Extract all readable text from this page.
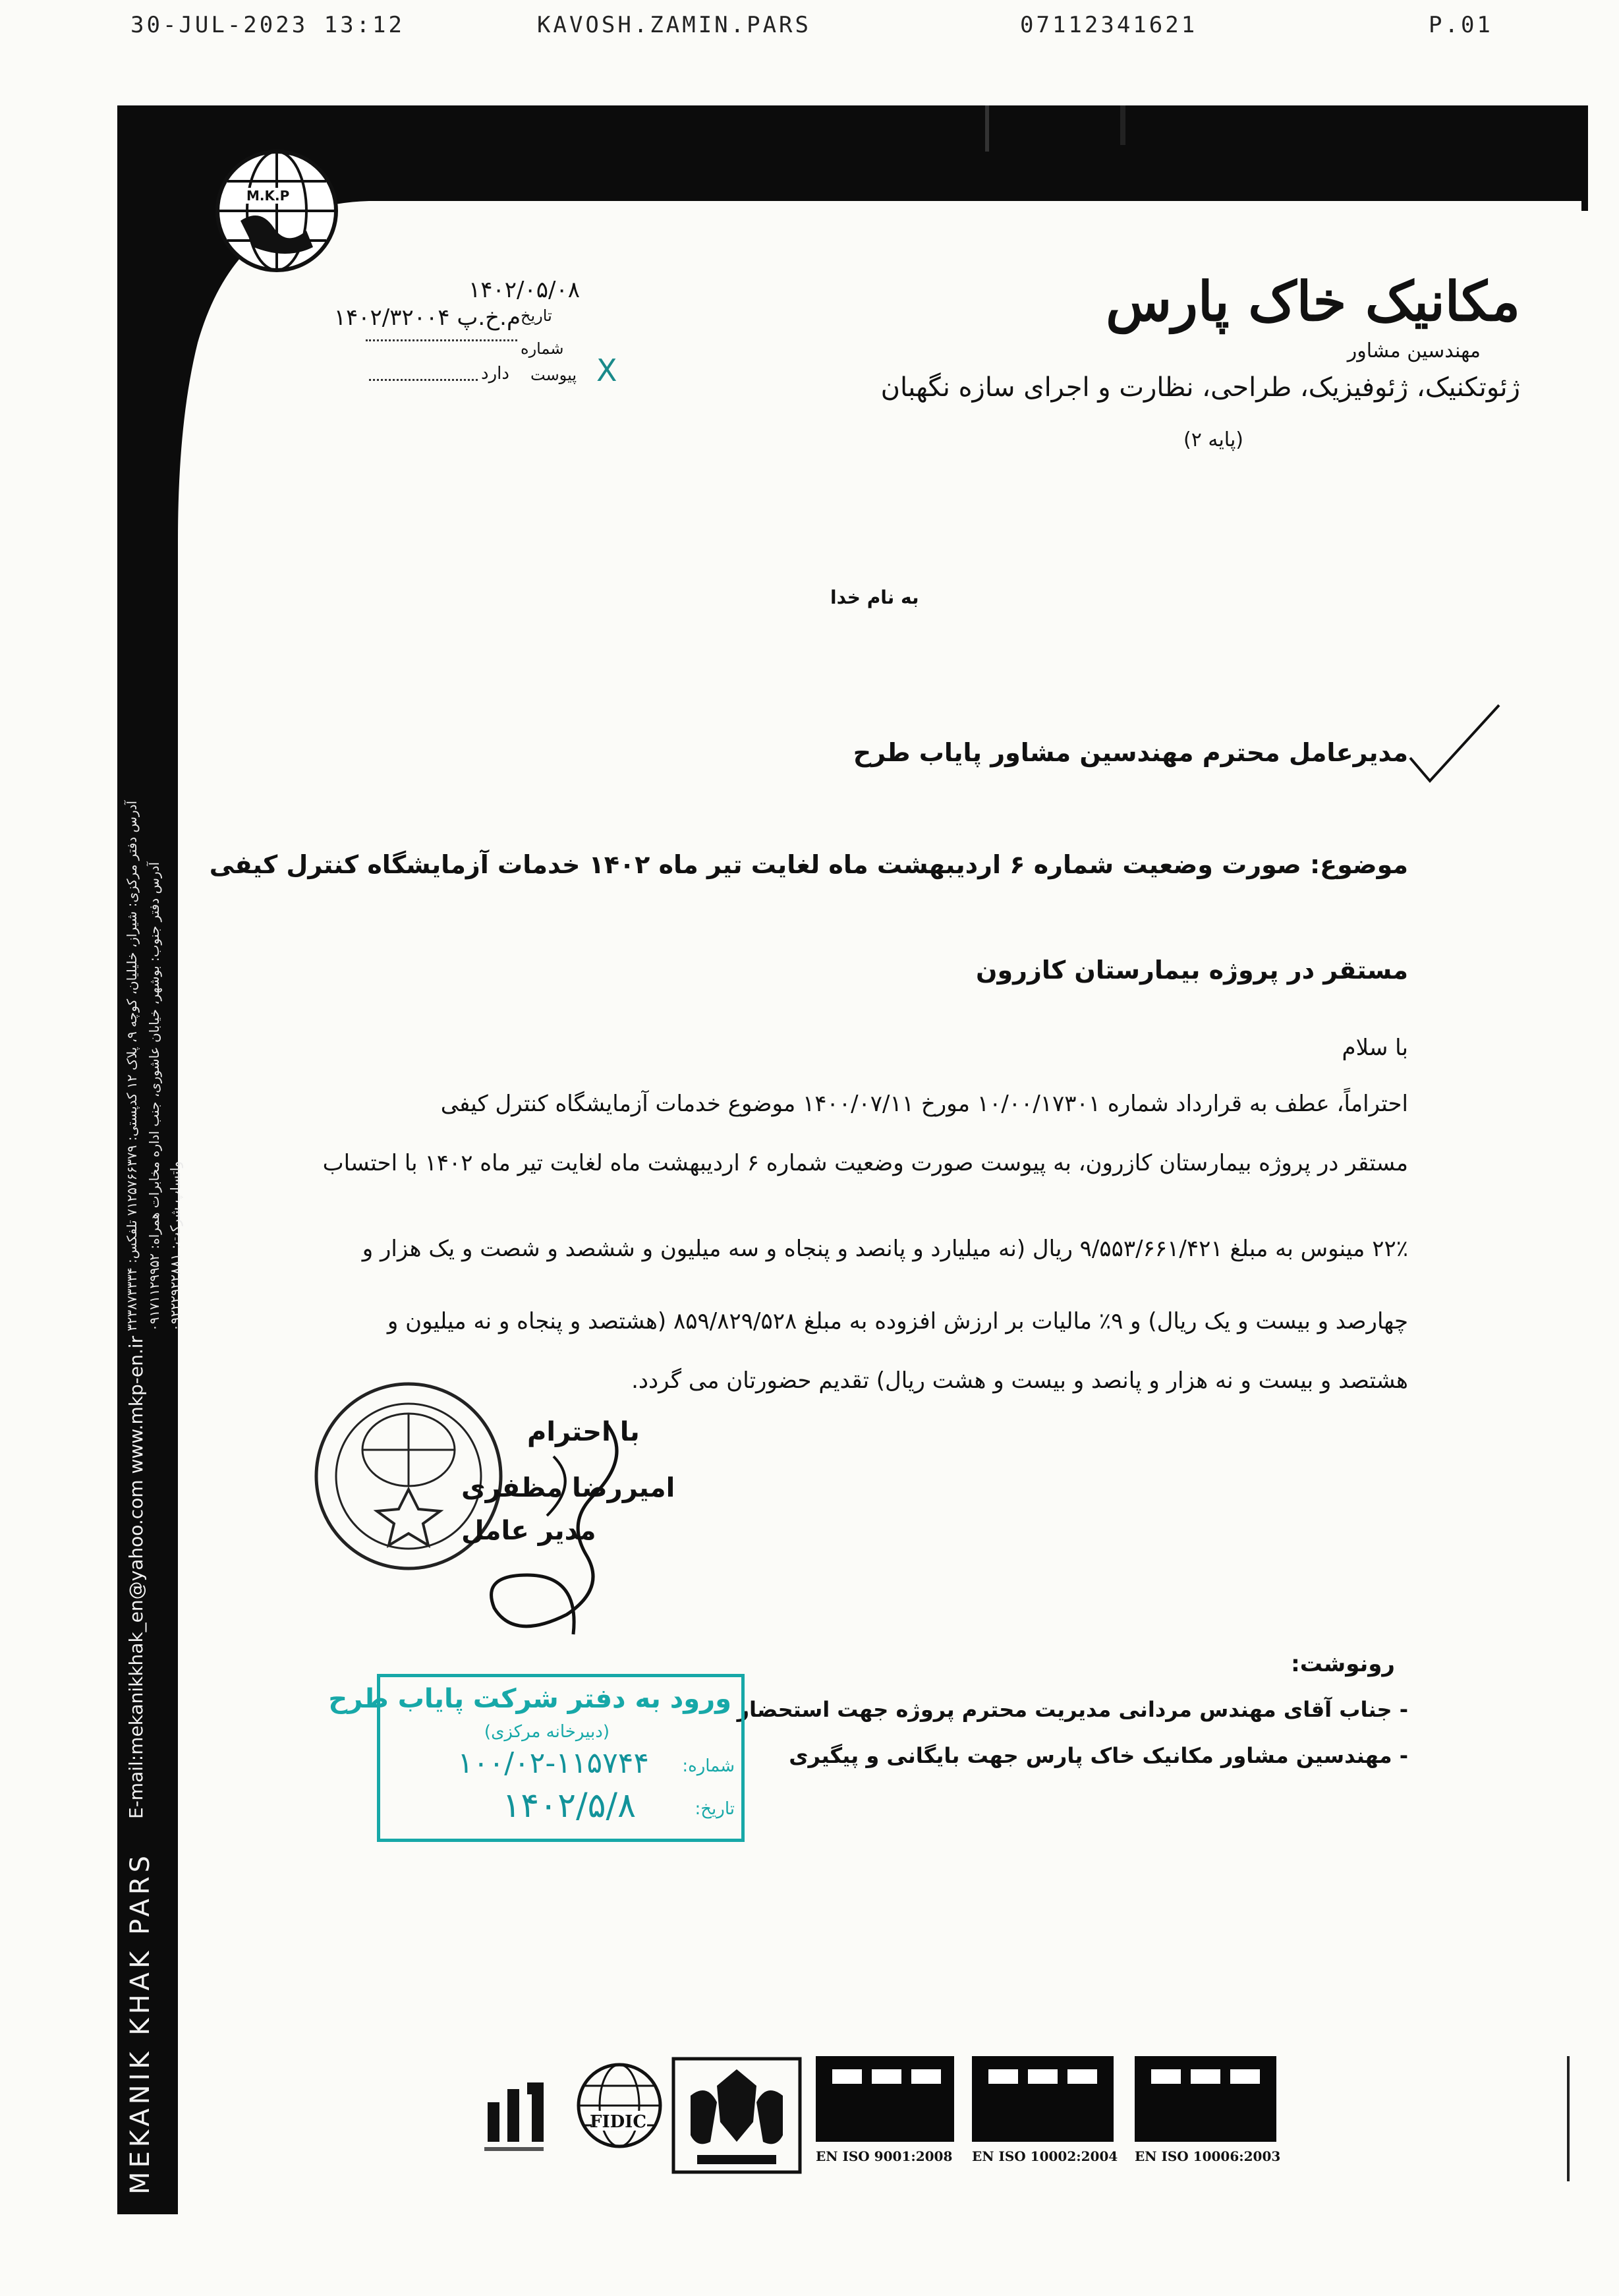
30-JUL-2023 13:12	KAVOSH.ZAMIN.PARS	07112341621	P.01
M.K.P
مکانیک خاک پارس
مهندسین مشاور
ژئوتکنیک، ژئوفیزیک، طراحی، نظارت و اجرای سازه نگهبان
(پایه ۲)
۱۴۰۲/۰۵/۰۸
تاریخ
م.خ.پ ۱۴۰۲/۳۲۰۰۴
شماره
پیوست
دارد	X
به نام خدا
مدیرعامل محترم مهندسین مشاور پایاب طرح
موضوع: صورت وضعیت شماره ۶ اردیبهشت ماه لغایت تیر ماه ۱۴۰۲ خدمات آزمایشگاه کنترل کیفی
مستقر در پروژه بیمارستان کازرون
با سلام
احتراماً، عطف به قرارداد شماره ۱۰/۰۰/۱۷۳۰۱ مورخ ۱۴۰۰/۰۷/۱۱ موضوع خدمات آزمایشگاه کنترل کیفی
مستقر در پروژه بیمارستان کازرون، به پیوست صورت وضعیت شماره ۶ اردیبهشت ماه لغایت تیر ماه ۱۴۰۲ با احتساب
۲۲٪ مینوس به مبلغ ۹/۵۵۳/۶۶۱/۴۲۱ ریال (نه میلیارد و پانصد و پنجاه و سه میلیون و ششصد و شصت و یک هزار و
چهارصد و بیست و یک ریال) و ۹٪ مالیات بر ارزش افزوده به مبلغ ۸۵۹/۸۲۹/۵۲۸ (هشتصد و پنجاه و نه میلیون و
هشتصد و بیست و نه هزار و پانصد و بیست و هشت ریال) تقدیم حضورتان می گردد.
با احترام
امیررضا مظفری
مدیر عامل
رونوشت:
- جناب آقای مهندس مردانی مدیریت محترم پروژه جهت استحضار
- مهندسین مشاور مکانیک خاک پارس جهت بایگانی و پیگیری
ورود به دفتر شرکت پایاب طرح
(دبیرخانه مرکزی)
شماره:
۱۰۰/۰۲-۱۱۵۷۴۴
تاریخ:
۱۴۰۲/۵/۸
MEKANIK KHAK PARS
E-mail:mekanikkhak_en@yahoo.com www.mkp-en.ir
آدرس دفتر مرکزی: شیراز، خلیلیان، کوچه ۹، پلاک ۱۲ کدپستی: ۷۱۲۵۷۶۶۳۷۹ تلفکس: ۳۲۳۸۷۳۳۳۴
آدرس دفتر جنوب: بوشهر، خیابان عاشوری، جنب اداره مخابرات همراه: ۰۹۱۷۱۱۲۹۹۵۲
واتساپ شرکت: ۰۹۲۲۲۹۲۲۸۸۱
FIDIC
EN ISO 9001:2008 EN ISO 10002:2004 EN ISO 10006:2003
